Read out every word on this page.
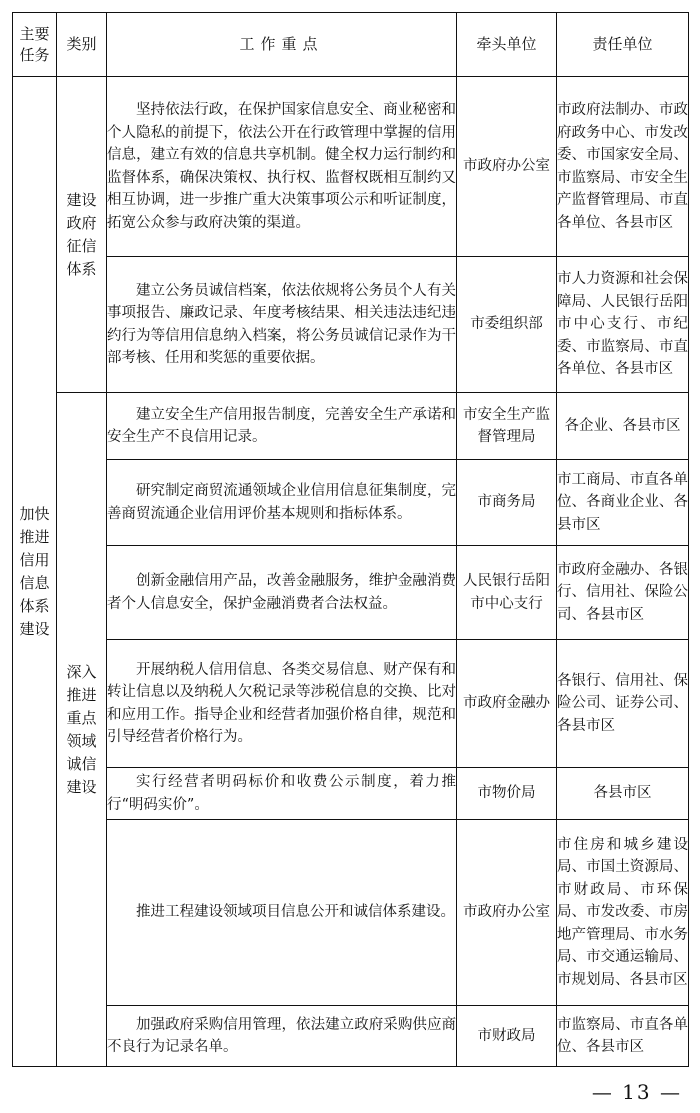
主要任务	类别	工作重点	牵头单位	责任单位
加快推进信用信息体系建设	建设政府征信体系	坚持依法行政，在保护国家信息安全、商业秘密和个人隐私的前提下，依法公开在行政管理中掌握的信用信息，建立有效的信息共享机制。健全权力运行制约和监督体系，确保决策权、执行权、监督权既相互制约又相互协调，进一步推广重大决策事项公示和听证制度，拓宽公众参与政府决策的渠道。	市政府办公室	市政府法制办、市政府政务中心、市发改委、市国家安全局、市监察局、市安全生产监督管理局、市直各单位、各县市区
		建立公务员诚信档案，依法依规将公务员个人有关事项报告、廉政记录、年度考核结果、相关违法违纪违约行为等信用信息纳入档案，将公务员诚信记录作为干部考核、任用和奖惩的重要依据。	市委组织部	市人力资源和社会保障局、人民银行岳阳市中心支行、市纪委、市监察局、市直各单位、各县市区
	深入推进重点领域诚信建设	建立安全生产信用报告制度，完善安全生产承诺和安全生产不良信用记录。	市安全生产监督管理局	各企业、各县市区
		研究制定商贸流通领域企业信用信息征集制度，完善商贸流通企业信用评价基本规则和指标体系。	市商务局	市工商局、市直各单位、各商业企业、各县市区
		创新金融信用产品，改善金融服务，维护金融消费者个人信息安全，保护金融消费者合法权益。	人民银行岳阳市中心支行	市政府金融办、各银行、信用社、保险公司、各县市区
		开展纳税人信用信息、各类交易信息、财产保有和转让信息以及纳税人欠税记录等涉税信息的交换、比对和应用工作。指导企业和经营者加强价格自律，规范和引导经营者价格行为。	市政府金融办	各银行、信用社、保险公司、证券公司、各县市区
		实行经营者明码标价和收费公示制度，着力推行“明码实价”。	市物价局	各县市区
		推进工程建设领域项目信息公开和诚信体系建设。	市政府办公室	市住房和城乡建设局、市国土资源局、市财政局、市环保局、市发改委、市房地产管理局、市水务局、市交通运输局、市规划局、各县市区
		加强政府采购信用管理，依法建立政府采购供应商不良行为记录名单。	市财政局	市监察局、市直各单位、各县市区
— 13 —
